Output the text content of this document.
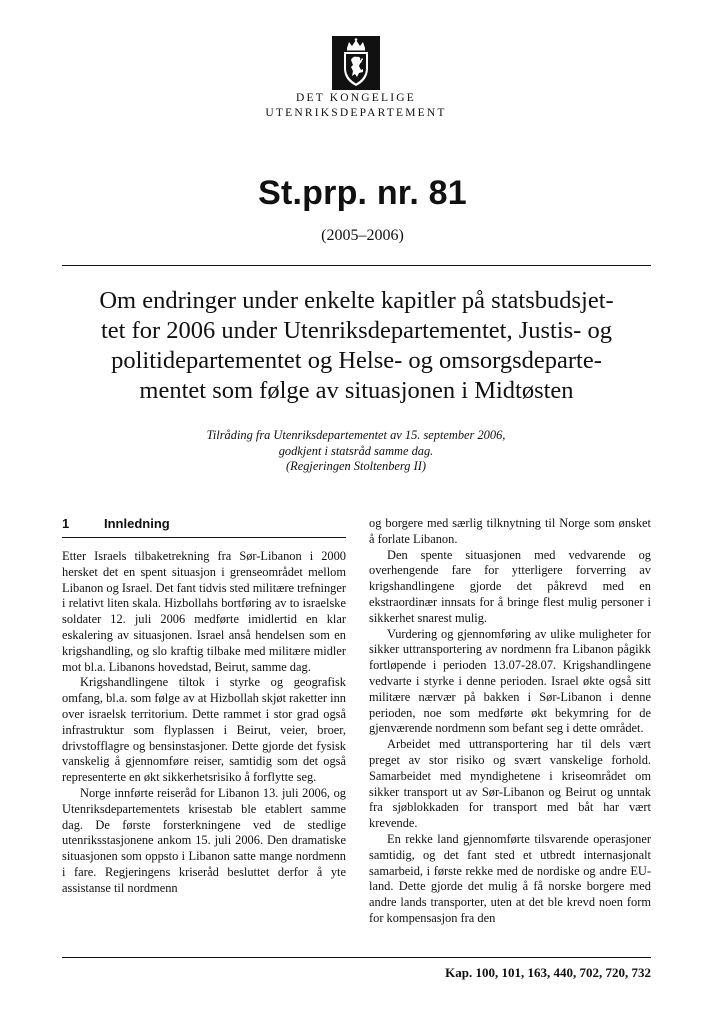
DET KONGELIGE
UTENRIKSDEPARTEMENT
St.prp. nr. 81
(2005–2006)
Om endringer under enkelte kapitler på statsbudsjet-
tet for 2006 under Utenriksdepartementet, Justis- og
politidepartementet og Helse- og omsorgsdeparte-
mentet som følge av situasjonen i Midtøsten
Tilråding fra Utenriksdepartementet av 15. september 2006,
godkjent i statsråd samme dag.
(Regjeringen Stoltenberg II)
1	Innledning

Etter Israels tilbaketrekning fra Sør-Libanon i 2000 hersket det en spent situasjon i grenseområdet mellom Libanon og Israel. Det fant tidvis sted militære trefninger i relativt liten skala. Hizbollahs bortføring av to israelske soldater 12. juli 2006 medførte imidlertid en klar eskalering av situasjonen. Israel anså hendelsen som en krigshandling, og slo kraftig tilbake med militære midler mot bl.a. Libanons hovedstad, Beirut, samme dag.

Krigshandlingene tiltok i styrke og geografisk omfang, bl.a. som følge av at Hizbollah skjøt raketter inn over israelsk territorium. Dette rammet i stor grad også infrastruktur som flyplassen i Beirut, veier, broer, drivstofflagre og bensinstasjoner. Dette gjorde det fysisk vanskelig å gjennomføre reiser, samtidig som det også representerte en økt sikkerhetsrisiko å forflytte seg.

Norge innførte reiseråd for Libanon 13. juli 2006, og Utenriksdepartementets krisestab ble etablert samme dag. De første forsterkningene ved de stedlige utenriksstasjonene ankom 15. juli 2006. Den dramatiske situasjonen som oppsto i Libanon satte mange nordmenn i fare. Regjeringens kriseråd besluttet derfor å yte assistanse til nordmenn

og borgere med særlig tilknytning til Norge som ønsket å forlate Libanon.

Den spente situasjonen med vedvarende og overhengende fare for ytterligere forverring av krigshandlingene gjorde det påkrevd med en ekstraordinær innsats for å bringe flest mulig personer i sikkerhet snarest mulig.

Vurdering og gjennomføring av ulike muligheter for sikker uttransportering av nordmenn fra Libanon pågikk fortløpende i perioden 13.07-28.07. Krigshandlingene vedvarte i styrke i denne perioden. Israel økte også sitt militære nærvær på bakken i Sør-Libanon i denne perioden, noe som medførte økt bekymring for de gjenværende nordmenn som befant seg i dette området.

Arbeidet med uttransportering har til dels vært preget av stor risiko og svært vanskelige forhold. Samarbeidet med myndighetene i kriseområdet om sikker transport ut av Sør-Libanon og Beirut og unntak fra sjøblokkaden for transport med båt har vært krevende.

En rekke land gjennomførte tilsvarende operasjoner samtidig, og det fant sted et utbredt internasjonalt samarbeid, i første rekke med de nordiske og andre EU-land. Dette gjorde det mulig å få norske borgere med andre lands transporter, uten at det ble krevd noen form for kompensasjon fra den

Kap. 100, 101, 163, 440, 702, 720, 732
